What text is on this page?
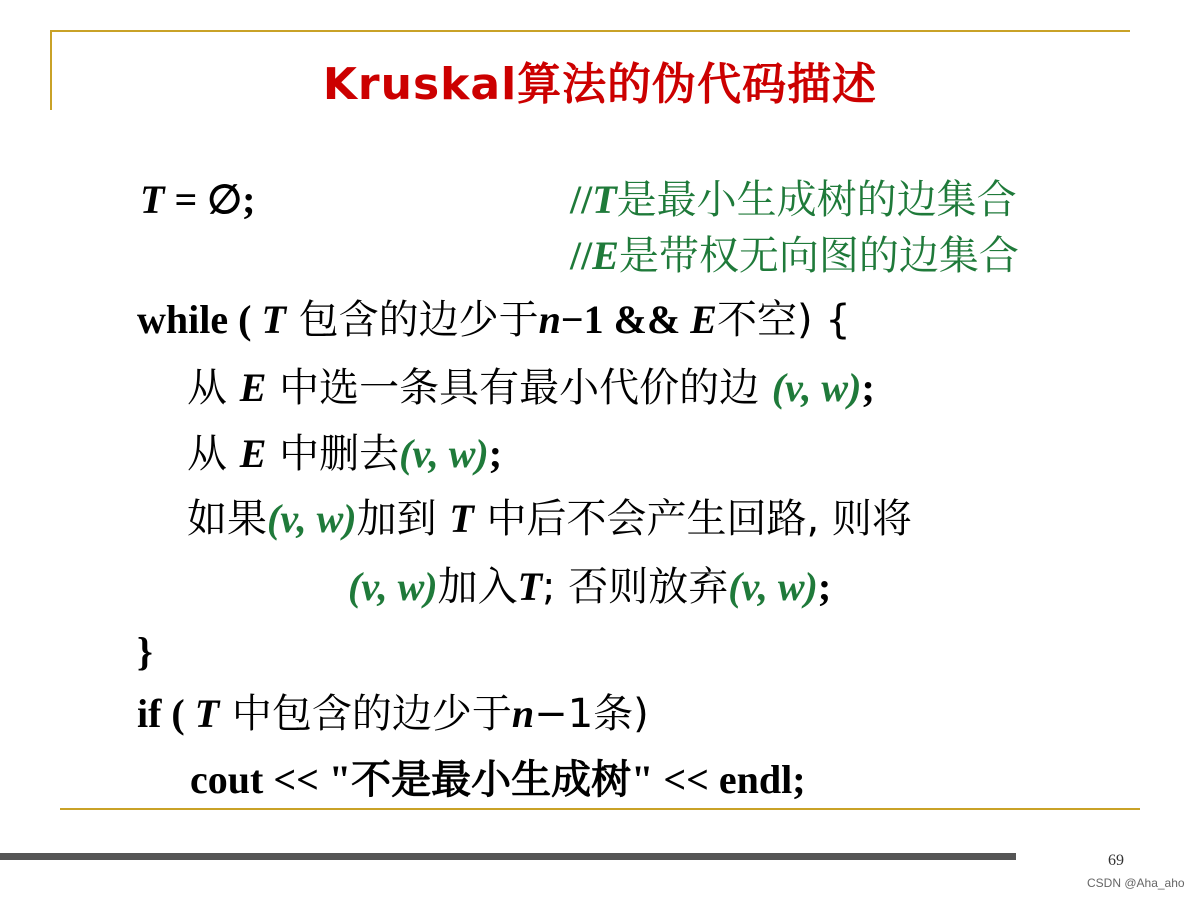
Kruskal算法的伪代码描述
T = ∅;	//T是最小生成树的边集合
//E是带权无向图的边集合
while ( T 包含的边少于n−1 && E不空) {
从 E 中选一条具有最小代价的边 (v, w);
从 E 中删去(v, w);
如果(v, w)加到 T 中后不会产生回路, 则将
(v, w)加入T; 否则放弃(v, w);
}
if ( T 中包含的边少于n−1条)
cout << "不是最小生成树" << endl;
69
CSDN @Aha_aho
